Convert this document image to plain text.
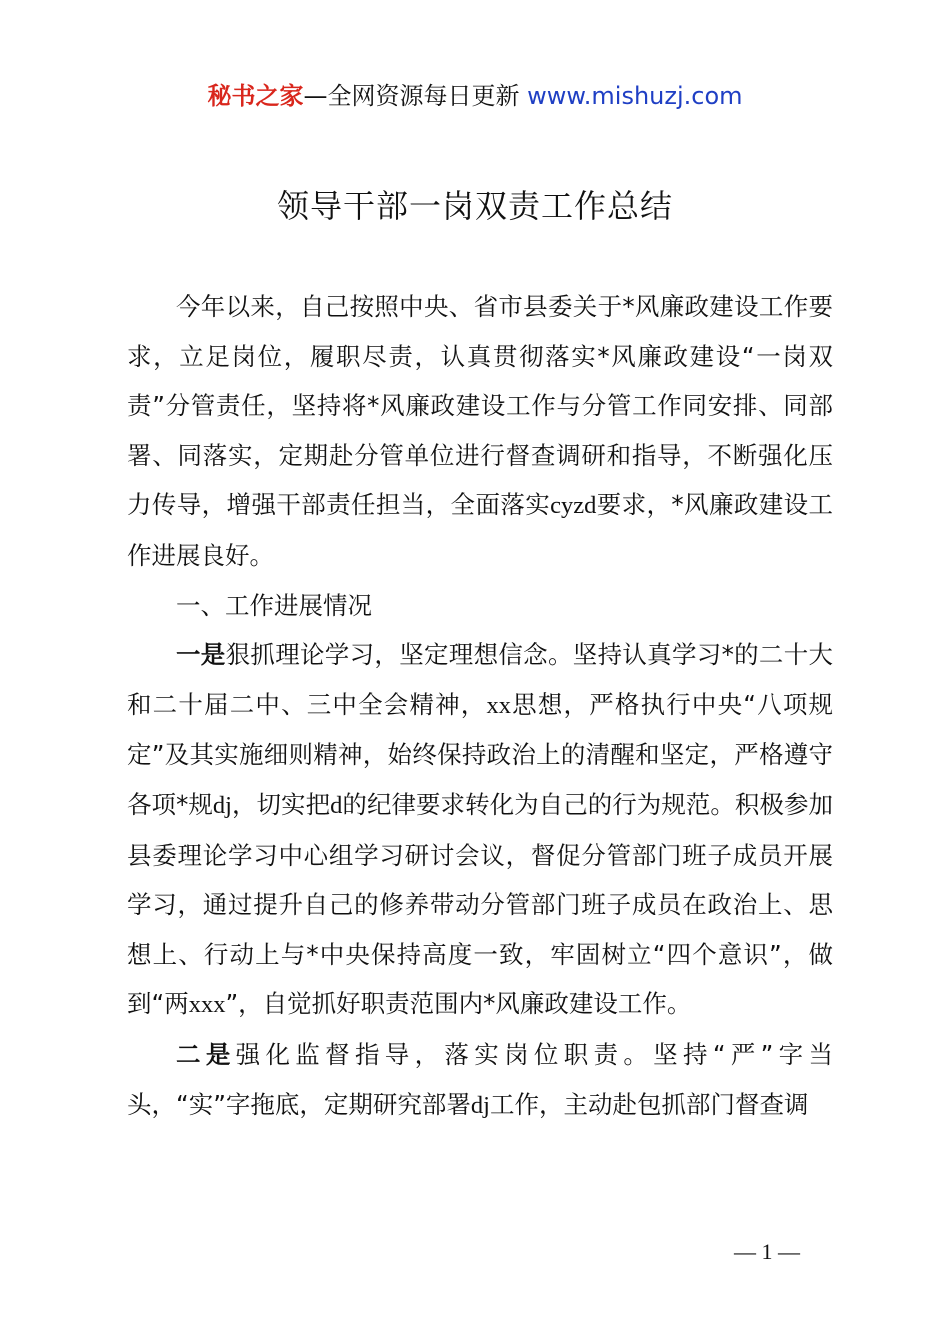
秘书之家—全网资源每日更新 www.mishuzj.com
领导干部一岗双责工作总结

今年以来，自己按照中央、省市县委关于*风廉政建设工作要求，立足岗位，履职尽责，认真贯彻落实*风廉政建设“一岗双责”分管责任，坚持将*风廉政建设工作与分管工作同安排、同部署、同落实，定期赴分管单位进行督查调研和指导，不断强化压力传导，增强干部责任担当，全面落实cyzd要求，*风廉政建设工作进展良好。

一、工作进展情况

一是狠抓理论学习，坚定理想信念。坚持认真学习*的二十大和二十届二中、三中全会精神，xx思想，严格执行中央“八项规定”及其实施细则精神，始终保持政治上的清醒和坚定，严格遵守各项*规dj，切实把d的纪律要求转化为自己的行为规范。积极参加县委理论学习中心组学习研讨会议，督促分管部门班子成员开展学习，通过提升自己的修养带动分管部门班子成员在政治上、思想上、行动上与*中央保持高度一致，牢固树立“四个意识”，做到“两xxx”，自觉抓好职责范围内*风廉政建设工作。

二是强化监督指导，落实岗位职责。坚持“严”字当头，“实”字拖底，定期研究部署dj工作，主动赴包抓部门督查调

— 1 —
